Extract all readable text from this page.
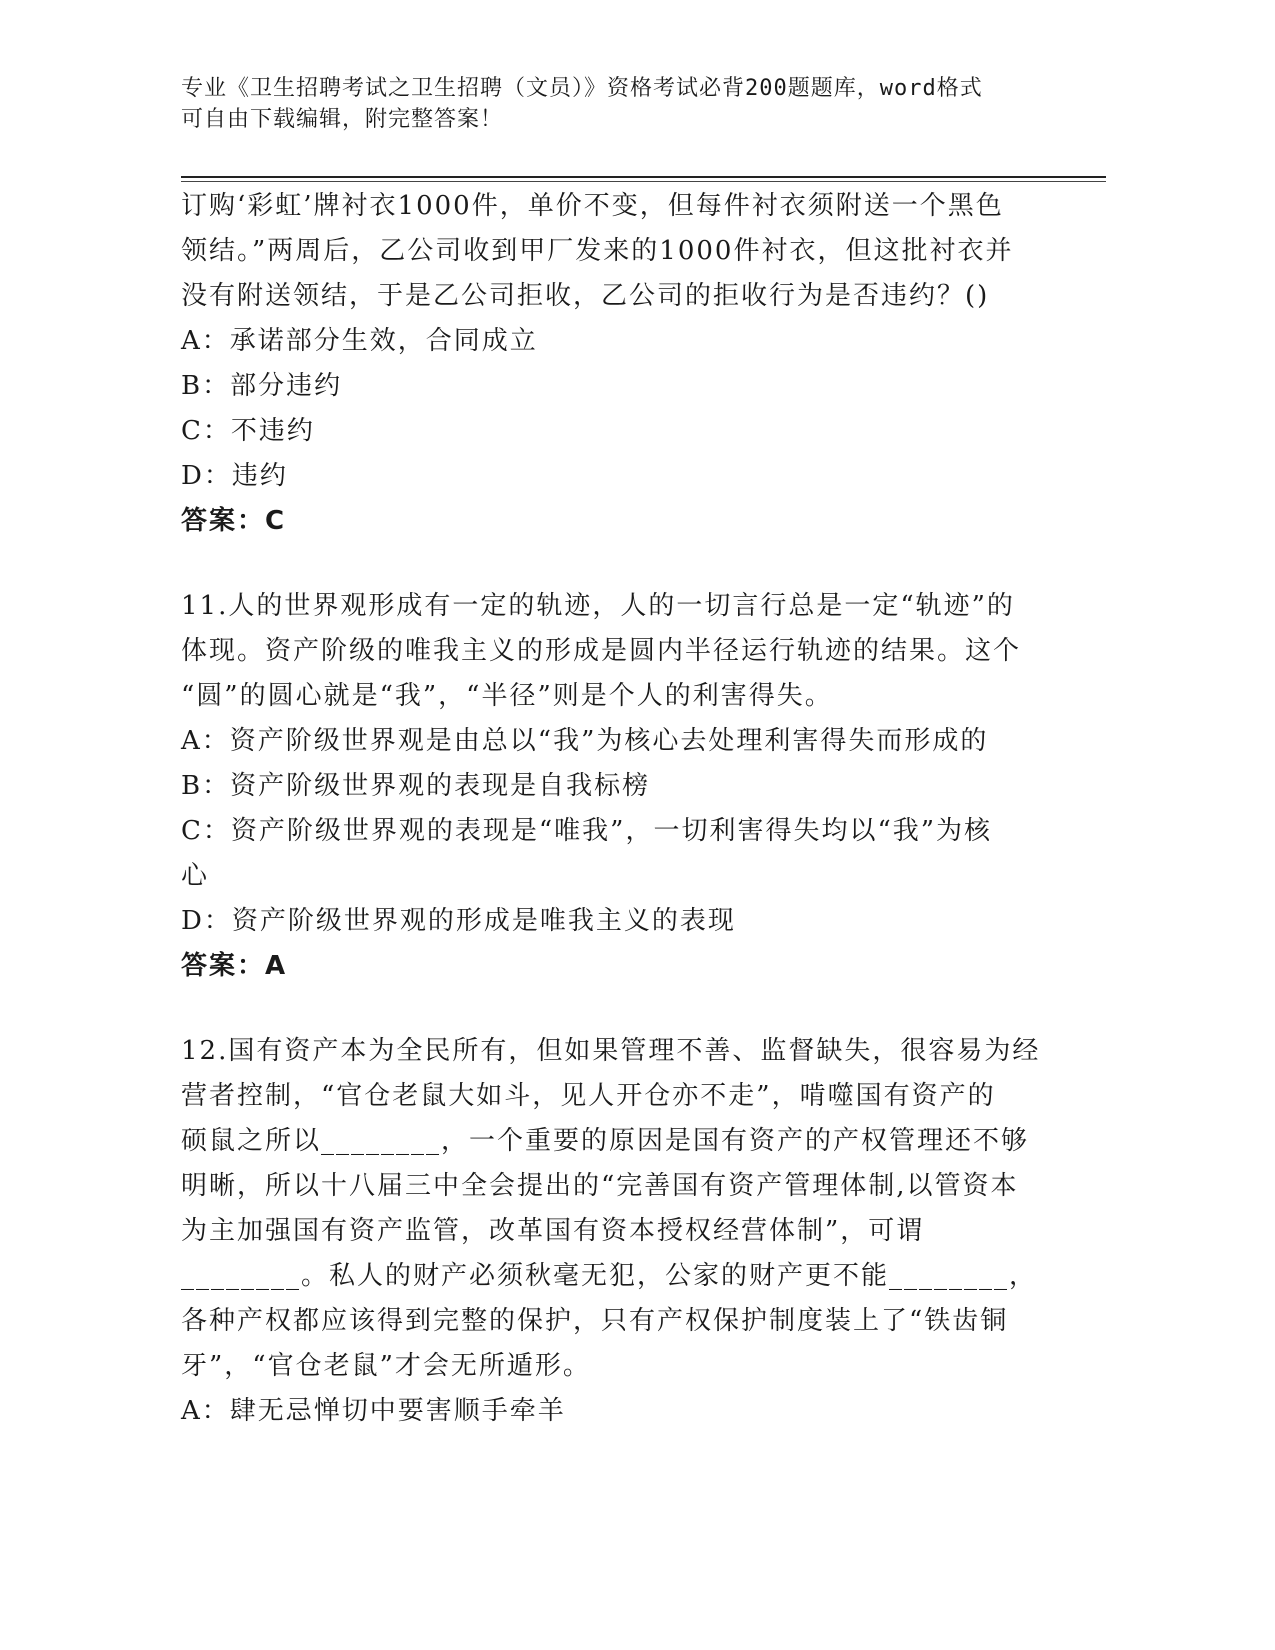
专业《卫生招聘考试之卫生招聘（文员）》资格考试必背200题题库，word格式
可自由下载编辑，附完整答案！
订购‘彩虹’牌衬衣1000件，单价不变，但每件衬衣须附送一个黑色
领结。”两周后，乙公司收到甲厂发来的1000件衬衣，但这批衬衣并
没有附送领结，于是乙公司拒收，乙公司的拒收行为是否违约？()
A：承诺部分生效，合同成立
B：部分违约
C：不违约
D：违约
答案：C
11.人的世界观形成有一定的轨迹，人的一切言行总是一定“轨迹”的
体现。资产阶级的唯我主义的形成是圆内半径运行轨迹的结果。这个
“圆”的圆心就是“我”，“半径”则是个人的利害得失。
A：资产阶级世界观是由总以“我”为核心去处理利害得失而形成的
B：资产阶级世界观的表现是自我标榜
C：资产阶级世界观的表现是“唯我”，一切利害得失均以“我”为核
心
D：资产阶级世界观的形成是唯我主义的表现
答案：A
12.国有资产本为全民所有，但如果管理不善、监督缺失，很容易为经
营者控制，“官仓老鼠大如斗，见人开仓亦不走”，啃噬国有资产的
硕鼠之所以________，一个重要的原因是国有资产的产权管理还不够
明晰，所以十八届三中全会提出的“完善国有资产管理体制,以管资本
为主加强国有资产监管，改革国有资本授权经营体制”，可谓
________。私人的财产必须秋毫无犯，公家的财产更不能________，
各种产权都应该得到完整的保护，只有产权保护制度装上了“铁齿铜
牙”，“官仓老鼠”才会无所遁形。
A：肆无忌惮切中要害顺手牵羊
